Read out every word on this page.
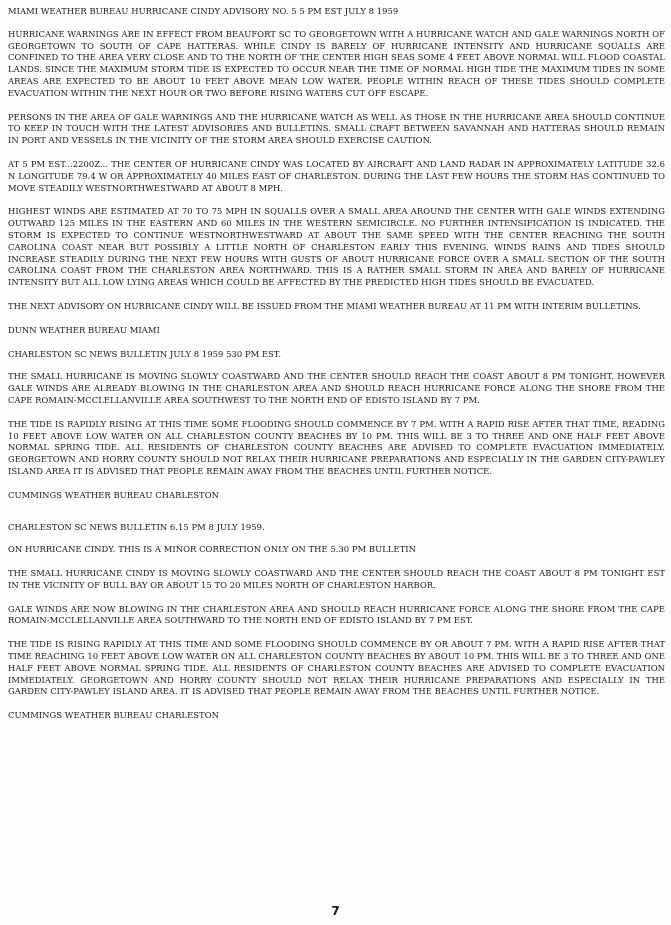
MIAMI WEATHER BUREAU HURRICANE CINDY ADVISORY NO. 5 5 PM EST JULY 8 1959

HURRICANE WARNINGS ARE IN EFFECT FROM BEAUFORT SC TO GEORGETOWN WITH A HURRICANE WATCH AND GALE WARNINGS NORTH OF GEORGETOWN TO SOUTH OF CAPE HATTERAS. WHILE CINDY IS BARELY OF HURRICANE INTENSITY AND HURRICANE SQUALLS ARE CONFINED TO THE AREA VERY CLOSE AND TO THE NORTH OF THE CENTER HIGH SEAS SOME 4 FEET ABOVE NORMAL WILL FLOOD COASTAL LANDS. SINCE THE MAXIMUM STORM TIDE IS EXPECTED TO OCCUR NEAR THE TIME OF NORMAL HIGH TIDE THE MAXIMUM TIDES IN SOME AREAS ARE EXPECTED TO BE ABOUT 10 FEET ABOVE MEAN LOW WATER. PEOPLE WITHIN REACH OF THESE TIDES SHOULD COMPLETE EVACUATION WITHIN THE NEXT HOUR OR TWO BEFORE RISING WATERS CUT OFF ESCAPE.

PERSONS IN THE AREA OF GALE WARNINGS AND THE HURRICANE WATCH AS WELL AS THOSE IN THE HURRICANE AREA SHOULD CONTINUE TO KEEP IN TOUCH WITH THE LATEST ADVISORIES AND BULLETINS. SMALL CRAFT BETWEEN SAVANNAH AND HATTERAS SHOULD REMAIN IN PORT AND VESSELS IN THE VICINITY OF THE STORM AREA SHOULD EXERCISE CAUTION.

AT 5 PM EST...2200Z... THE CENTER OF HURRICANE CINDY WAS LOCATED BY AIRCRAFT AND LAND RADAR IN APPROXIMATELY LATITUDE 32.6 N LONGITUDE 79.4 W OR APPROXIMATELY 40 MILES EAST OF CHARLESTON. DURING THE LAST FEW HOURS THE STORM HAS CONTINUED TO MOVE STEADILY WESTNORTHWESTWARD AT ABOUT 8 MPH.

HIGHEST WINDS ARE ESTIMATED AT 70 TO 75 MPH IN SQUALLS OVER A SMALL AREA AROUND THE CENTER WITH GALE WINDS EXTENDING OUTWARD 125 MILES IN THE EASTERN AND 60 MILES IN THE WESTERN SEMICIRCLE. NO FURTHER INTENSIFICATION IS INDICATED. THE STORM IS EXPECTED TO CONTINUE WESTNORTHWESTWARD AT ABOUT THE SAME SPEED WITH THE CENTER REACHING THE SOUTH CAROLINA COAST NEAR BUT POSSIBLY A LITTLE NORTH OF CHARLESTON EARLY THIS EVENING. WINDS RAINS AND TIDES SHOULD INCREASE STEADILY DURING THE NEXT FEW HOURS WITH GUSTS OF ABOUT HURRICANE FORCE OVER A SMALL SECTION OF THE SOUTH CAROLINA COAST FROM THE CHARLESTON AREA NORTHWARD. THIS IS A RATHER SMALL STORM IN AREA AND BARELY OF HURRICANE INTENSITY BUT ALL LOW LYING AREAS WHICH COULD BE AFFECTED BY THE PREDICTED HIGH TIDES SHOULD BE EVACUATED.

THE NEXT ADVISORY ON HURRICANE CINDY WILL BE ISSUED FROM THE MIAMI WEATHER BUREAU AT 11 PM WITH INTERIM BULLETINS.

DUNN WEATHER BUREAU MIAMI

CHARLESTON SC NEWS BULLETIN JULY 8 1959 530 PM EST.

THE SMALL HURRICANE IS MOVING SLOWLY COASTWARD AND THE CENTER SHOULD REACH THE COAST ABOUT 8 PM TONIGHT. HOWEVER GALE WINDS ARE ALREADY BLOWING IN THE CHARLESTON AREA AND SHOULD REACH HURRICANE FORCE ALONG THE SHORE FROM THE CAPE ROMAIN-MCCLELLANVILLE AREA SOUTHWEST TO THE NORTH END OF EDISTO ISLAND BY 7 PM.

THE TIDE IS RAPIDLY RISING AT THIS TIME SOME FLOODING SHOULD COMMENCE BY 7 PM. WITH A RAPID RISE AFTER THAT TIME, READING 10 FEET ABOVE LOW WATER ON ALL CHARLESTON COUNTY BEACHES BY 10 PM. THIS WILL BE 3 TO THREE AND ONE HALF FEET ABOVE NORMAL SPRING TIDE. ALL RESIDENTS OF CHARLESTON COUNTY BEACHES ARE ADVISED TO COMPLETE EVACUATION IMMEDIATELY. GEORGETOWN AND HORRY COUNTY SHOULD NOT RELAX THEIR HURRICANE PREPARATIONS AND ESPECIALLY IN THE GARDEN CITY-PAWLEY ISLAND AREA IT IS ADVISED THAT PEOPLE REMAIN AWAY FROM THE BEACHES UNTIL FURTHER NOTICE.

CUMMINGS WEATHER BUREAU CHARLESTON

CHARLESTON SC NEWS BULLETIN 6.15 PM 8 JULY 1959.

ON HURRICANE CINDY. THIS IS A MINOR CORRECTION ONLY ON THE 5.30 PM BULLETIN

THE SMALL HURRICANE CINDY IS MOVING SLOWLY COASTWARD AND THE CENTER SHOULD REACH THE COAST ABOUT 8 PM TONIGHT EST IN THE VICINITY OF BULL BAY OR ABOUT 15 TO 20 MILES NORTH OF CHARLESTON HARBOR.

GALE WINDS ARE NOW BLOWING IN THE CHARLESTON AREA AND SHOULD REACH HURRICANE FORCE ALONG THE SHORE FROM THE CAPE ROMAIN-MCCLELLANVILLE AREA SOUTHWARD TO THE NORTH END OF EDISTO ISLAND BY 7 PM EST.

THE TIDE IS RISING RAPIDLY AT THIS TIME AND SOME FLOODING SHOULD COMMENCE BY OR ABOUT 7 PM. WITH A RAPID RISE AFTER THAT TIME REACHING 10 FEET ABOVE LOW WATER ON ALL CHARLESTON COUNTY BEACHES BY ABOUT 10 PM. THIS WILL BE 3 TO THREE AND ONE HALF FEET ABOVE NORMAL SPRING TIDE. ALL RESIDENTS OF CHARLESTON COUNTY BEACHES ARE ADVISED TO COMPLETE EVACUATION IMMEDIATELY. GEORGETOWN AND HORRY COUNTY SHOULD NOT RELAX THEIR HURRICANE PREPARATIONS AND ESPECIALLY IN THE GARDEN CITY-PAWLEY ISLAND AREA. IT IS ADVISED THAT PEOPLE REMAIN AWAY FROM THE BEACHES UNTIL FURTHER NOTICE.

CUMMINGS WEATHER BUREAU CHARLESTON

7
